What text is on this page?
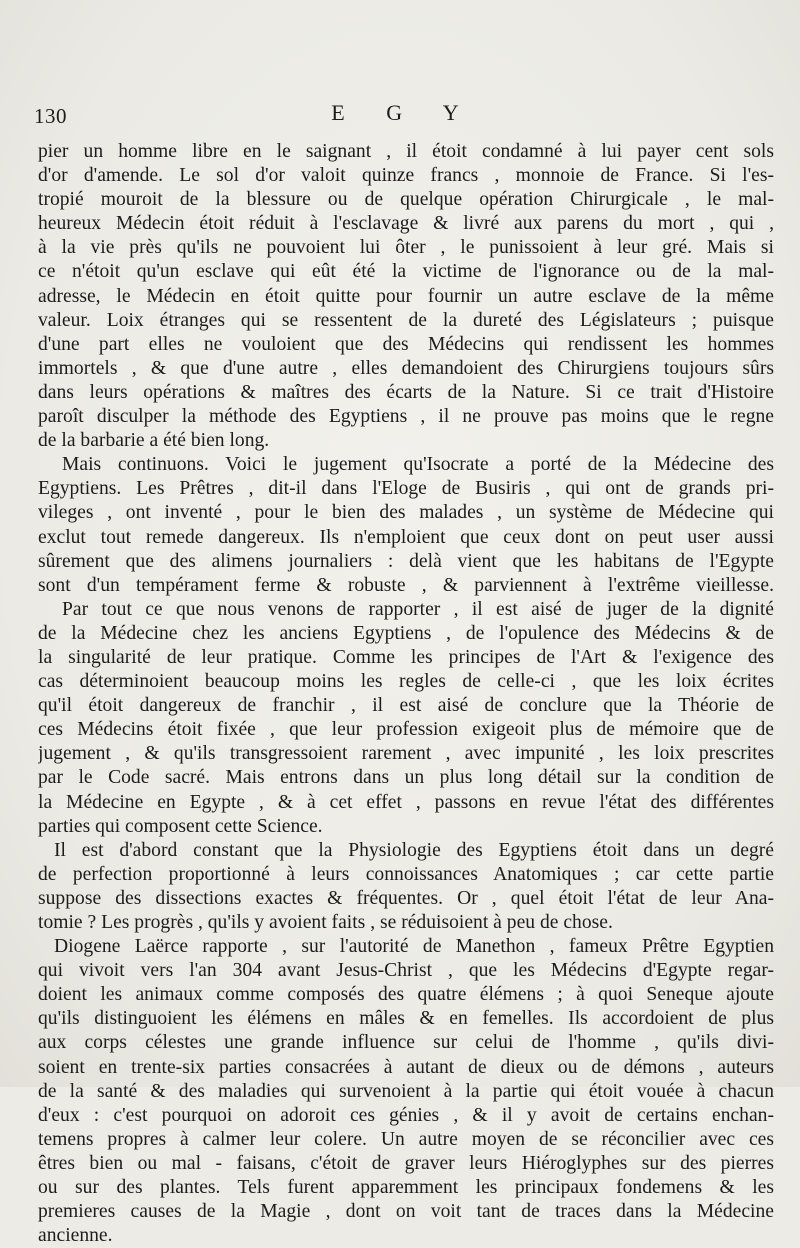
130	E G Y
pier un homme libre en le saignant , il étoit condamné à lui payer cent sols
d'or d'amende. Le sol d'or valoit quinze francs , monnoie de France. Si l'es-
tropié mouroit de la blessure ou de quelque opération Chirurgicale , le mal-
heureux Médecin étoit réduit à l'esclavage & livré aux parens du mort , qui ,
à la vie près qu'ils ne pouvoient lui ôter , le punissoient à leur gré. Mais si
ce n'étoit qu'un esclave qui eût été la victime de l'ignorance ou de la mal-
adresse, le Médecin en étoit quitte pour fournir un autre esclave de la même
valeur. Loix étranges qui se ressentent de la dureté des Législateurs ; puisque
d'une part elles ne vouloient que des Médecins qui rendissent les hommes
immortels , & que d'une autre , elles demandoient des Chirurgiens toujours sûrs
dans leurs opérations & maîtres des écarts de la Nature. Si ce trait d'Histoire
paroît disculper la méthode des Egyptiens , il ne prouve pas moins que le regne
de la barbarie a été bien long.
Mais continuons. Voici le jugement qu'Isocrate a porté de la Médecine des
Egyptiens. Les Prêtres , dit-il dans l'Eloge de Busiris , qui ont de grands pri-
vileges , ont inventé , pour le bien des malades , un système de Médecine qui
exclut tout remede dangereux. Ils n'emploient que ceux dont on peut user aussi
sûrement que des alimens journaliers : delà vient que les habitans de l'Egypte
sont d'un tempérament ferme & robuste , & parviennent à l'extrême vieillesse.
Par tout ce que nous venons de rapporter , il est aisé de juger de la dignité
de la Médecine chez les anciens Egyptiens , de l'opulence des Médecins & de
la singularité de leur pratique. Comme les principes de l'Art & l'exigence des
cas déterminoient beaucoup moins les regles de celle-ci , que les loix écrites
qu'il étoit dangereux de franchir , il est aisé de conclure que la Théorie de
ces Médecins étoit fixée , que leur profession exigeoit plus de mémoire que de
jugement , & qu'ils transgressoient rarement , avec impunité , les loix prescrites
par le Code sacré. Mais entrons dans un plus long détail sur la condition de
la Médecine en Egypte , & à cet effet , passons en revue l'état des différentes
parties qui composent cette Science.
Il est d'abord constant que la Physiologie des Egyptiens étoit dans un degré
de perfection proportionné à leurs connoissances Anatomiques ; car cette partie
suppose des dissections exactes & fréquentes. Or , quel étoit l'état de leur Ana-
tomie ? Les progrès , qu'ils y avoient faits , se réduisoient à peu de chose.
Diogene Laërce rapporte , sur l'autorité de Manethon , fameux Prêtre Egyptien
qui vivoit vers l'an 304 avant Jesus-Christ , que les Médecins d'Egypte regar-
doient les animaux comme composés des quatre élémens ; à quoi Seneque ajoute
qu'ils distinguoient les élémens en mâles & en femelles. Ils accordoient de plus
aux corps célestes une grande influence sur celui de l'homme , qu'ils divi-
soient en trente-six parties consacrées à autant de dieux ou de démons , auteurs
de la santé & des maladies qui survenoient à la partie qui étoit vouée à chacun
d'eux : c'est pourquoi on adoroit ces génies , & il y avoit de certains enchan-
temens propres à calmer leur colere. Un autre moyen de se réconcilier avec ces
êtres bien ou mal - faisans, c'étoit de graver leurs Hiéroglyphes sur des pierres
ou sur des plantes. Tels furent apparemment les principaux fondemens & les
premieres causes de la Magie , dont on voit tant de traces dans la Médecine
ancienne.
